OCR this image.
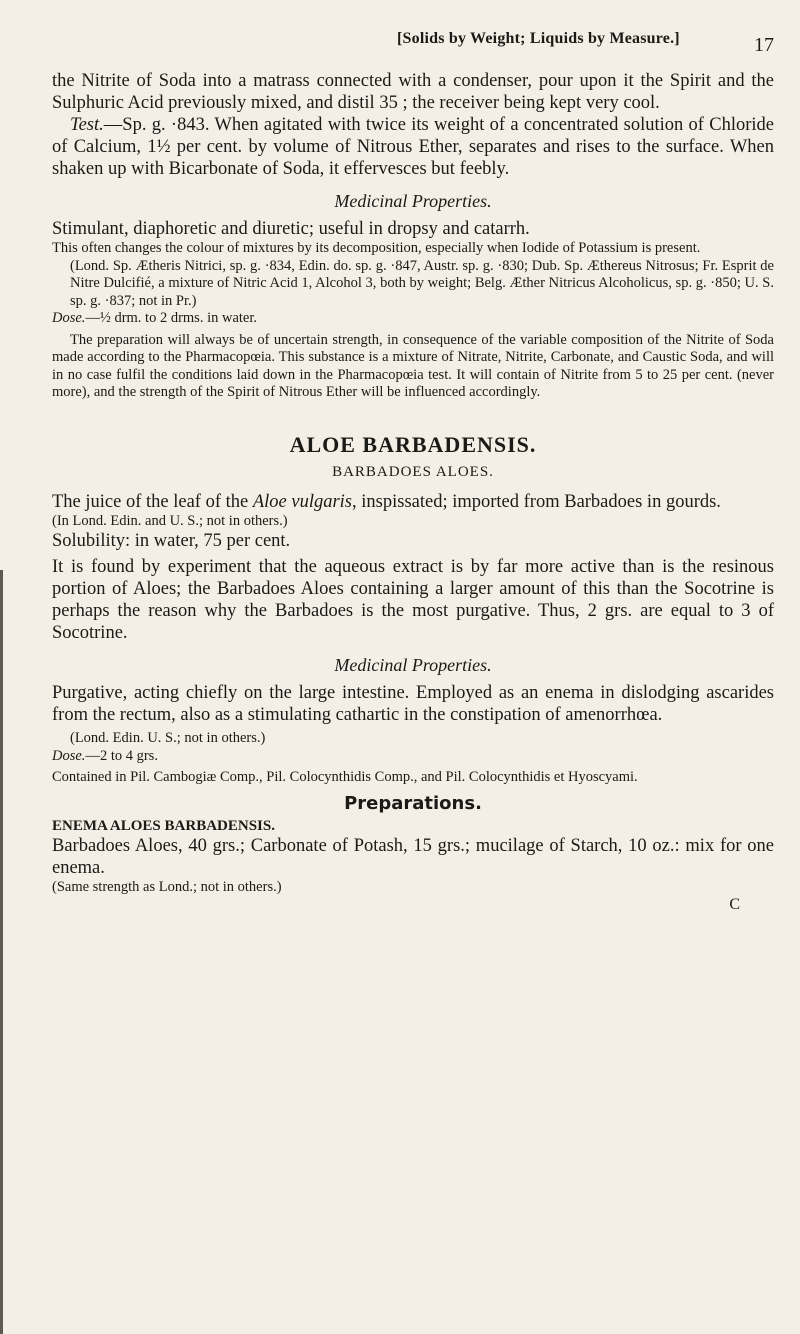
[Solids by Weight; Liquids by Measure.]	17

the Nitrite of Soda into a matrass connected with a condenser, pour upon it the Spirit and the Sulphuric Acid previously mixed, and distil 35 ; the receiver being kept very cool.

Test.—Sp. g. ·843. When agitated with twice its weight of a concentrated solution of Chloride of Calcium, 1½ per cent. by volume of Nitrous Ether, separates and rises to the surface. When shaken up with Bicarbonate of Soda, it effervesces but feebly.

Medicinal Properties.

Stimulant, diaphoretic and diuretic; useful in dropsy and catarrh.

This often changes the colour of mixtures by its decomposition, especially when Iodide of Potassium is present.

(Lond. Sp. Ætheris Nitrici, sp. g. ·834, Edin. do. sp. g. ·847, Austr. sp. g. ·830; Dub. Sp. Æthereus Nitrosus; Fr. Esprit de Nitre Dulcifié, a mixture of Nitric Acid 1, Alcohol 3, both by weight; Belg. Æther Nitricus Alcoholicus, sp. g. ·850; U. S. sp. g. ·837; not in Pr.)

Dose.—½ drm. to 2 drms. in water.

The preparation will always be of uncertain strength, in consequence of the variable composition of the Nitrite of Soda made according to the Pharmacopœia. This substance is a mixture of Nitrate, Nitrite, Carbonate, and Caustic Soda, and will in no case fulfil the conditions laid down in the Pharmacopœia test. It will contain of Nitrite from 5 to 25 per cent. (never more), and the strength of the Spirit of Nitrous Ether will be influenced accordingly.

ALOE BARBADENSIS.

BARBADOES ALOES.

The juice of the leaf of the Aloe vulgaris, inspissated; imported from Barbadoes in gourds.

(In Lond. Edin. and U. S.; not in others.)

Solubility: in water, 75 per cent.

It is found by experiment that the aqueous extract is by far more active than is the resinous portion of Aloes; the Barbadoes Aloes containing a larger amount of this than the Socotrine is perhaps the reason why the Barbadoes is the most purgative. Thus, 2 grs. are equal to 3 of Socotrine.

Medicinal Properties.

Purgative, acting chiefly on the large intestine. Employed as an enema in dislodging ascarides from the rectum, also as a stimulating cathartic in the constipation of amenorrhœa.

(Lond. Edin. U. S.; not in others.)

Dose.—2 to 4 grs.

Contained in Pil. Cambogiæ Comp., Pil. Colocynthidis Comp., and Pil. Colocynthidis et Hyoscyami.

Preparations.

ENEMA ALOES BARBADENSIS.

Barbadoes Aloes, 40 grs.; Carbonate of Potash, 15 grs.; mucilage of Starch, 10 oz.: mix for one enema.

(Same strength as Lond.; not in others.)

C
